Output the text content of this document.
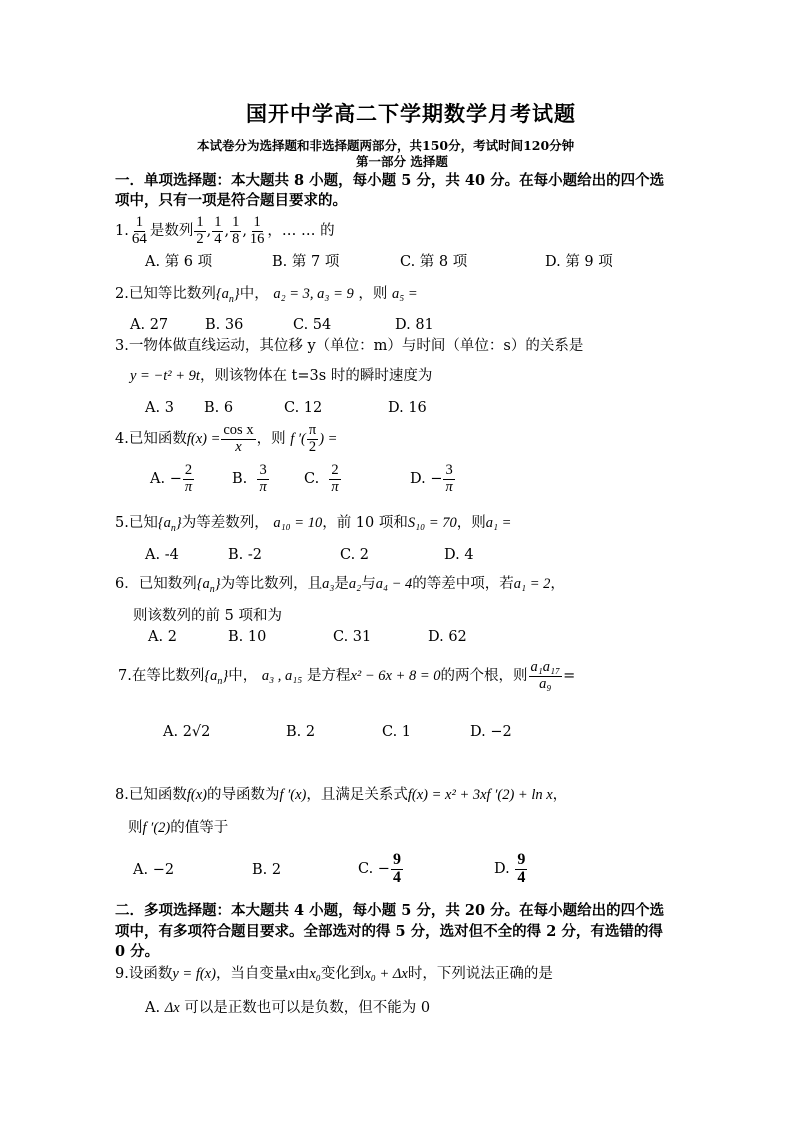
国开中学高二下学期数学月考试题
本试卷分为选择题和非选择题两部分，共150分，考试时间120分钟
第一部分 选择题
一．单项选择题：本大题共 8 小题，每小题 5 分，共 40 分。在每小题给出的四个选
项中，只有一项是符合题目要求的。
1. $\frac{1}{64}$ 是数列 $\frac{1}{2}$ , $\frac{1}{4}$ , $\frac{1}{8}$ , $\frac{1}{16}$ ，… … 的
A. 第 6 项	B. 第 7 项	C. 第 8 项	D. 第 9 项
2.已知等比数列$\{a_n\}$中， a₂ = 3, a₃ = 9 ，则 a₅ =
A. 27	B. 36	C. 54	D. 81
3.一物体做直线运动，其位移 y（单位：m）与时间（单位：s）的关系是
y = −t² + 9t，则该物体在 t=3s 时的瞬时速度为
A. 3 B. 6	C. 12	D. 16
4.已知函数$f(x) = \frac{\text{cos x}}{x}$ ，则 f ′( $\frac{\pi}{2}$ ) =
A. − $\frac{2}{\pi}$	B. $\frac{3}{\pi} C$. $\frac{2}{\pi}$	D. − $\frac{3}{\pi}$
5.已知$\{a_n\}$为等差数列， a₁₀ = 10，前 10 项和S₁₀ = 70，则a₁ =
A. -4	B. -2	C. 2	D. 4
6．已知数列$\{a_n\}$为等比数列，且a₃是a₂与a₄ − 4的等差中项，若a₁ = 2，
则该数列的前 5 项和为
A. 2	B. 10	C. 31	D. 62
7.在等比数列$\{a_n\}$中， a₃ , a₁₅ 是方程x² − 6x + 8 = 0的两个根，则 $\frac{\text{a₁a₁₇}}{\text{a₉}}$ =
A. 2√2	B. 2	C. 1	D. −2
8.已知函数f(x)的导函数为f ′(x)，且满足关系式f(x) = x² + 3xf ′(2) + ln x，
则f ′(2)的值等于
A. −2	B. 2	C. − $\frac{9}{4}$	D. $\frac{9}{4}$
二．多项选择题：本大题共 4 小题，每小题 5 分，共 20 分。在每小题给出的四个选
项中，有多项符合题目要求。全部选对的得 5 分，选对但不全的得 2 分，有选错的得
0 分。
9.设函数y = f(x)，当自变量x由x₀变化到x₀ + Δx时，下列说法正确的是
A. Δx 可以是正数也可以是负数，但不能为 0
